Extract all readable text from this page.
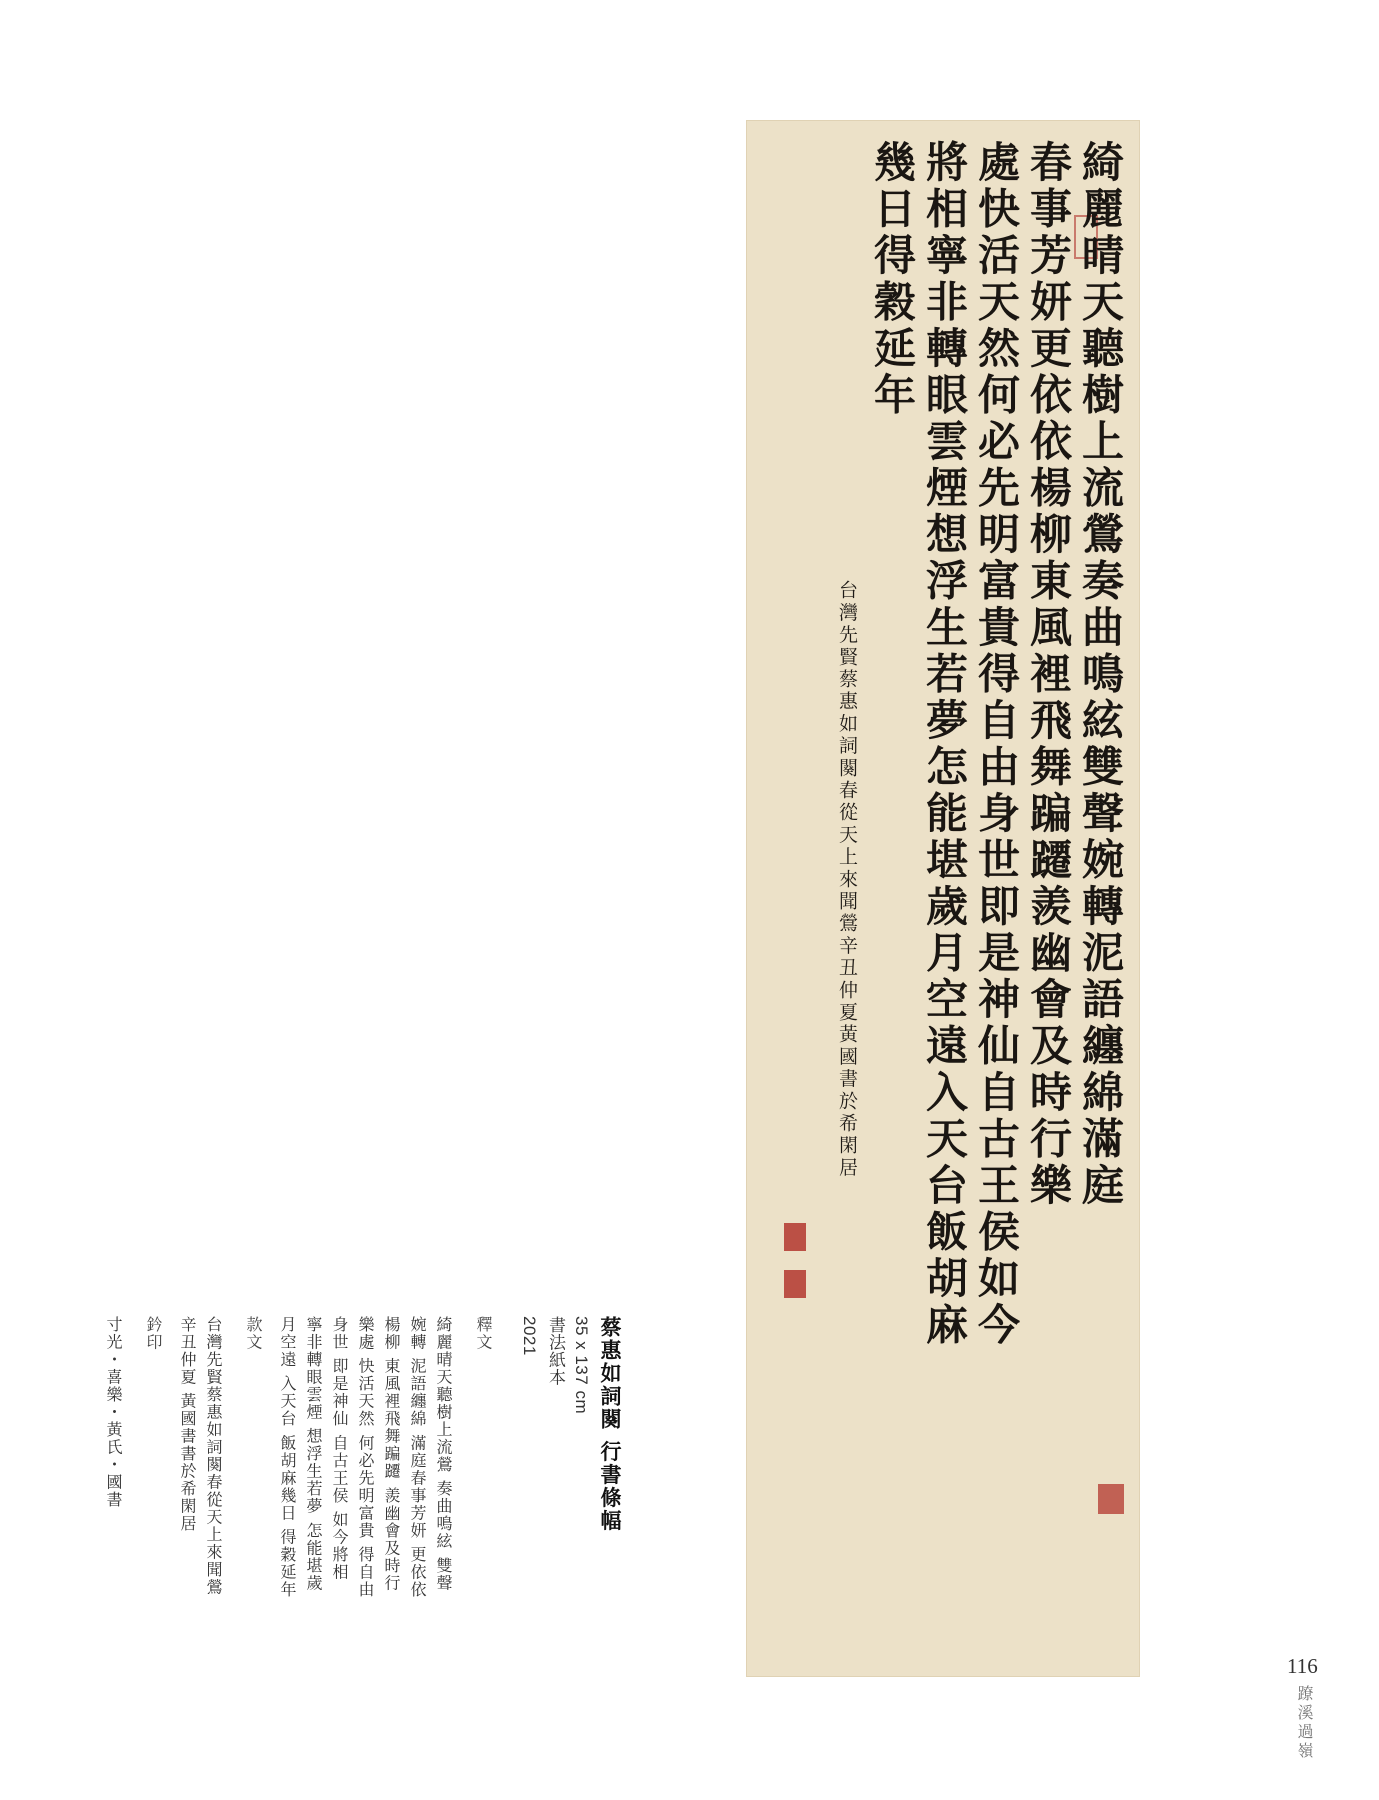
綺麗晴天聽樹上流鶯奏曲鳴絃雙聲婉轉泥語纏綿滿庭
春事芳妍更依依楊柳東風裡飛舞蹁躚羨幽會及時行樂
處快活天然何必先明富貴得自由身世即是神仙自古王侯如今
將相寧非轉眼雲煙想浮生若夢怎能堪歲月空遠入天台飯胡麻
幾日得穀延年
台灣先賢蔡惠如詞闋春從天上來聞鶯辛丑仲夏黃國書於希閑居
蔡惠如詞闋 行書條幅
35 x 137 cm
書法紙本
2021
釋文
綺麗晴天聽樹上流鶯 奏曲鳴絃 雙聲
婉轉 泥語纏綿 滿庭春事芳妍 更依依
楊柳 東風裡飛舞蹁躚 羨幽會及時行
樂處 快活天然 何必先明富貴 得自由
身世 即是神仙 自古王侯 如今將相
寧非轉眼雲煙 想浮生若夢 怎能堪歲
月空遠 入天台 飯胡麻幾日 得穀延年
款文
台灣先賢蔡惠如詞闋春從天上來聞鶯
辛丑仲夏 黃國書書於希閑居
鈐印
寸光・喜樂・黃氏・國書
116
蹽溪過嶺
